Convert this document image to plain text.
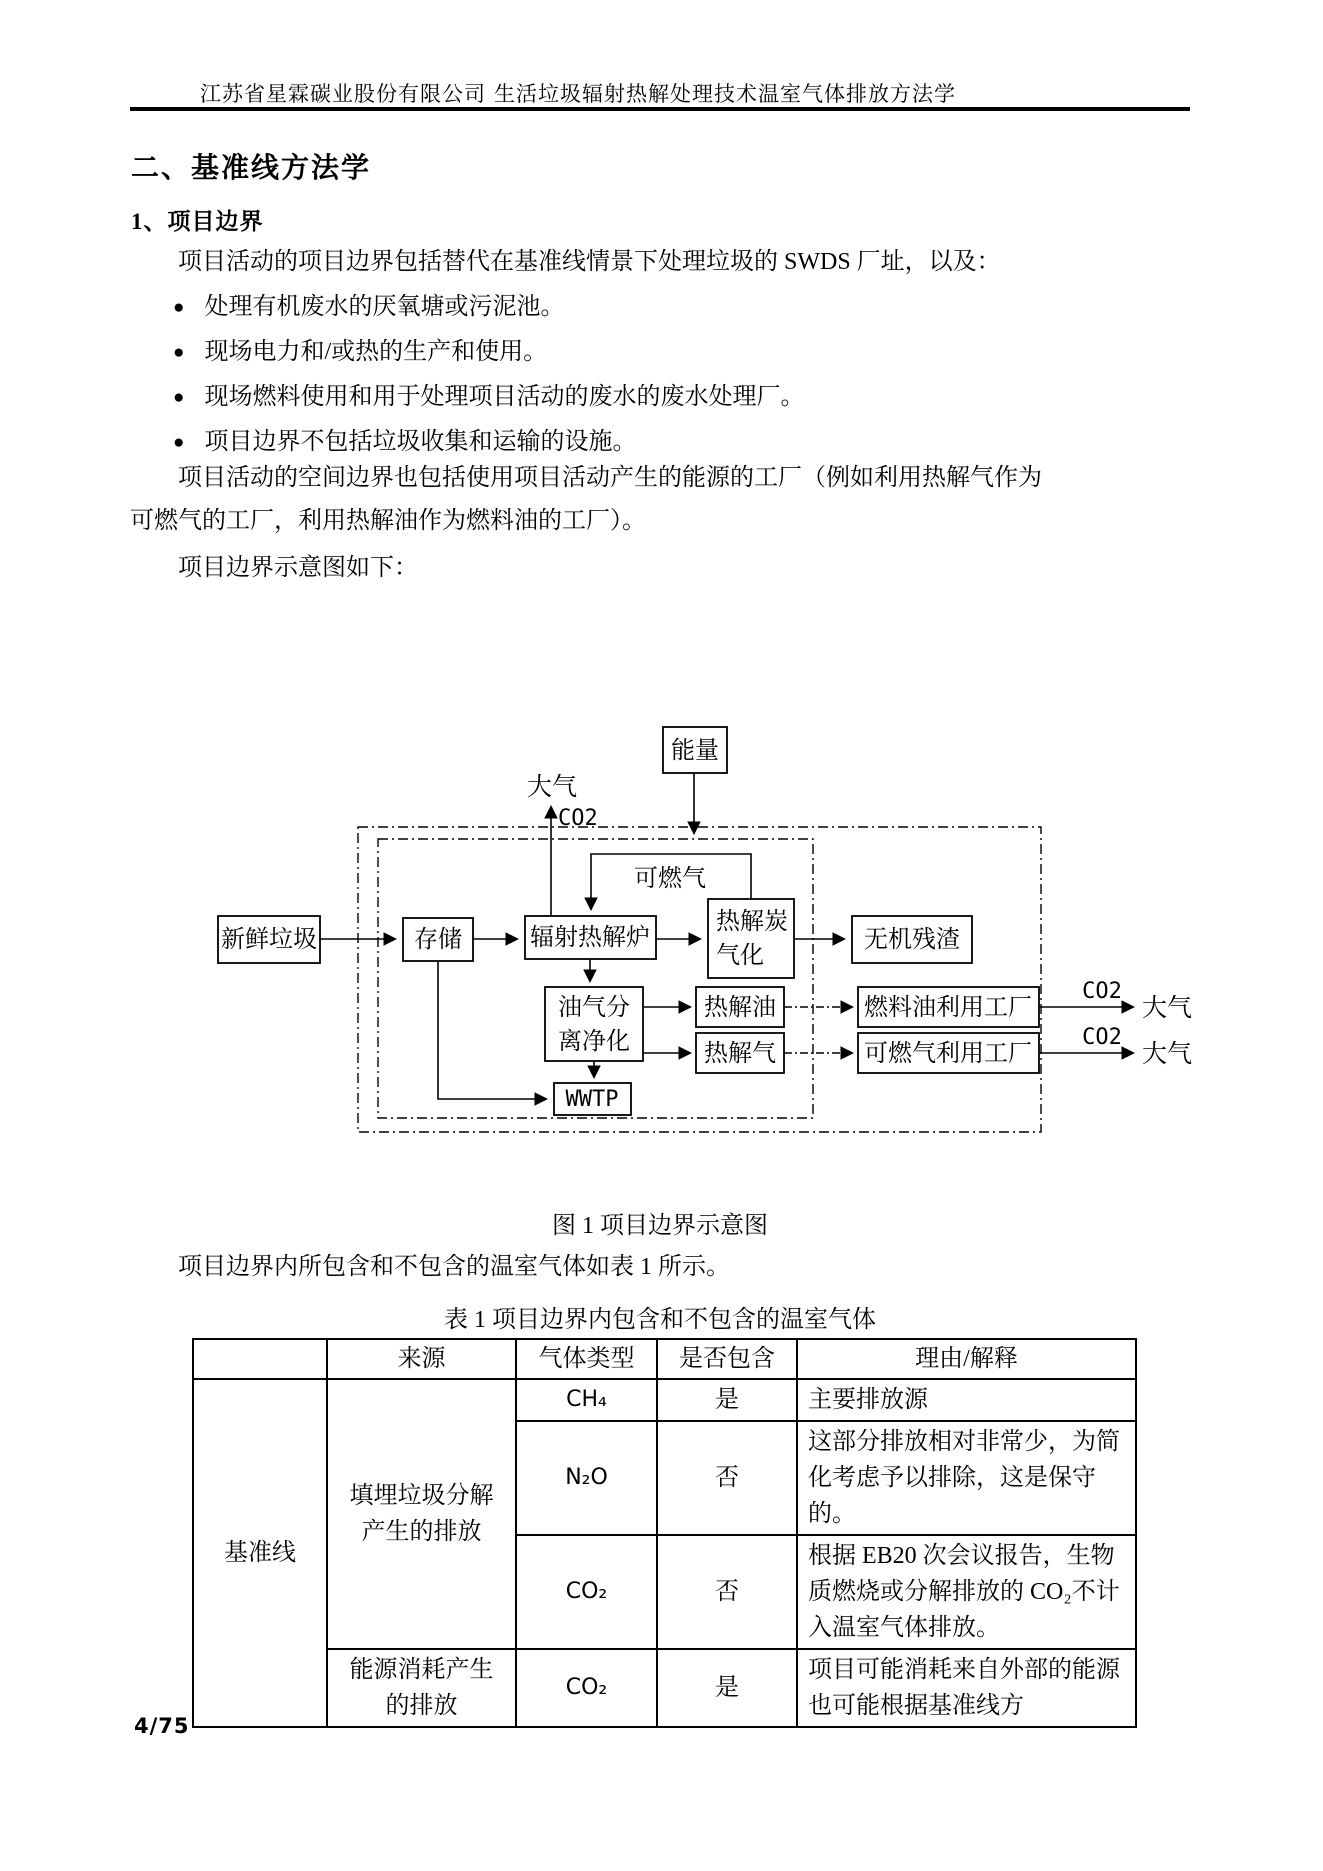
江苏省星霖碳业股份有限公司 生活垃圾辐射热解处理技术温室气体排放方法学
二、基准线方法学
1、项目边界
项目活动的项目边界包括替代在基准线情景下处理垃圾的 SWDS 厂址，以及：
● 处理有机废水的厌氧塘或污泥池。
● 现场电力和/或热的生产和使用。
● 现场燃料使用和用于处理项目活动的废水的废水处理厂。
● 项目边界不包括垃圾收集和运输的设施。
项目活动的空间边界也包括使用项目活动产生的能源的工厂（例如利用热解气作为
可燃气的工厂，利用热解油作为燃料油的工厂）。
项目边界示意图如下：
能量
大气
CO2
新鲜垃圾	存储	辐射热解炉
可燃气
热解炭
气化
无机残渣
油气分
离净化
热解油
热解气
燃料油利用工厂
可燃气利用工厂
WWTP
CO2
大气
CO2
大气
图 1 项目边界示意图
项目边界内所包含和不包含的温室气体如表 1 所示。
表 1 项目边界内包含和不包含的温室气体
	来源	气体类型	是否包含	理由/解释
基准线	填埋垃圾分解产生的排放	CH₄	是	主要排放源
		N₂O	否	这部分排放相对非常少，为简化考虑予以排除，这是保守的。
		CO₂	否	根据 EB20 次会议报告，生物质燃烧或分解排放的 CO₂不计入温室气体排放。
	能源消耗产生的排放	CO₂	是	项目可能消耗来自外部的能源也可能根据基准线方
4/75
